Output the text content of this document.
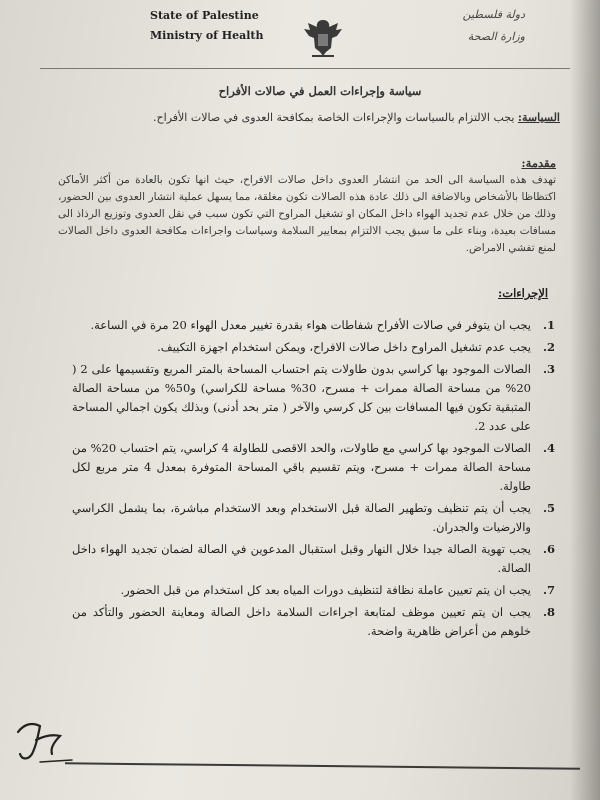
State of Palestine
Ministry of Health
دولة فلسطين
وزارة الصحة
سياسة وإجراءات العمل في صالات الأفراح
السياسة: يجب الالتزام بالسياسات والإجراءات الخاصة بمكافحة العدوى في صالات الأفراح.
مقدمة:
تهدف هذه السياسة الى الحد من انتشار العدوى داخل صالات الافراح، حيث انها تكون بالعادة من أكثر الأماكن اكتظاظا بالأشخاص وبالاضافة الى ذلك عادة هذه الصالات تكون مغلقة، مما يسهل عملية انتشار العدوى بين الحضور، وذلك من خلال عدم تجديد الهواء داخل المكان او تشغيل المراوح التي تكون سبب في نقل العدوى وتوزيع الرذاذ الى مسافات بعيدة، وبناء على ما سبق يجب الالتزام بمعايير السلامة وسياسات واجراءات مكافحة العدوى داخل الصالات لمنع تفشي الامراض.
الإجراءات:
1.
يجب ان يتوفر في صالات الأفراح شفاطات هواء بقدرة تغيير معدل الهواء 20 مرة في الساعة.
2.
يجب عدم تشغيل المراوح داخل صالات الافراح، ويمكن استخدام اجهزة التكييف.
3.
الصالات الموجود بها كراسي بدون طاولات يتم احتساب المساحة بالمتر المربع وتقسيمها على 2 ( 20% من مساحة الصالة ممرات + مسرح، 30% مساحة للكراسي) و50% من مساحة الصالة المتبقية تكون فيها المسافات بين كل كرسي والآخر ( متر بحد أدنى) وبذلك يكون اجمالي المساحة على عدد 2.
4.
الصالات الموجود بها كراسي مع طاولات، والحد الاقصى للطاولة 4 كراسي، يتم احتساب 20% من مساحة الصالة ممرات + مسرح، ويتم تقسيم باقي المساحة المتوفرة بمعدل 4 متر مربع لكل طاولة.
5.
يجب أن يتم تنظيف وتطهير الصالة قبل الاستخدام وبعد الاستخدام مباشرة، بما يشمل الكراسي والارضيات والجدران.
6.
يجب تهوية الصالة جيدا خلال النهار وقبل استقبال المدعوين في الصالة لضمان تجديد الهواء داخل الصالة.
7.
يجب ان يتم تعيين عاملة نظافة لتنظيف دورات المياه بعد كل استخدام من قبل الحضور.
8.
يجب ان يتم تعيين موظف لمتابعة اجراءات السلامة داخل الصالة ومعاينة الحضور والتأكد من خلوهم من أعراض ظاهرية واضحة.
